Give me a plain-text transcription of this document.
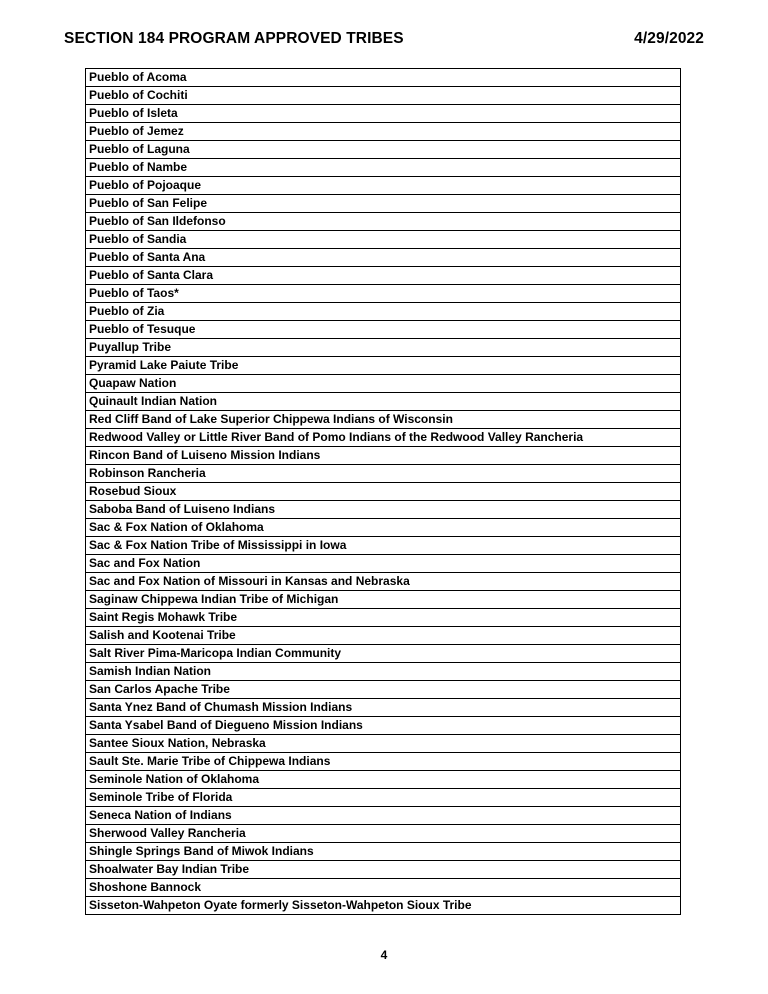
SECTION 184 PROGRAM APPROVED TRIBES	4/29/2022
Pueblo of Acoma
Pueblo of Cochiti
Pueblo of Isleta
Pueblo of Jemez
Pueblo of Laguna
Pueblo of Nambe
Pueblo of Pojoaque
Pueblo of San Felipe
Pueblo of San Ildefonso
Pueblo of Sandia
Pueblo of Santa Ana
Pueblo of Santa Clara
Pueblo of Taos*
Pueblo of Zia
Pueblo of Tesuque
Puyallup Tribe
Pyramid Lake Paiute Tribe
Quapaw Nation
Quinault Indian Nation
Red Cliff Band of Lake Superior Chippewa Indians of Wisconsin
Redwood Valley or Little River Band of Pomo Indians of the Redwood Valley Rancheria
Rincon Band of Luiseno Mission Indians
Robinson Rancheria
Rosebud Sioux
Saboba Band of Luiseno Indians
Sac & Fox Nation of Oklahoma
Sac & Fox Nation Tribe of Mississippi in Iowa
Sac and Fox Nation
Sac and Fox Nation of Missouri in Kansas and Nebraska
Saginaw Chippewa Indian Tribe of Michigan
Saint Regis Mohawk Tribe
Salish and Kootenai Tribe
Salt River Pima-Maricopa Indian Community
Samish Indian Nation
San Carlos Apache Tribe
Santa Ynez Band of Chumash Mission Indians
Santa Ysabel Band of Diegueno Mission Indians
Santee Sioux Nation, Nebraska
Sault Ste. Marie Tribe of Chippewa Indians
Seminole Nation of Oklahoma
Seminole Tribe of Florida
Seneca Nation of Indians
Sherwood Valley Rancheria
Shingle Springs Band of Miwok Indians
Shoalwater Bay Indian Tribe
Shoshone Bannock
Sisseton-Wahpeton Oyate formerly Sisseton-Wahpeton Sioux Tribe
4
